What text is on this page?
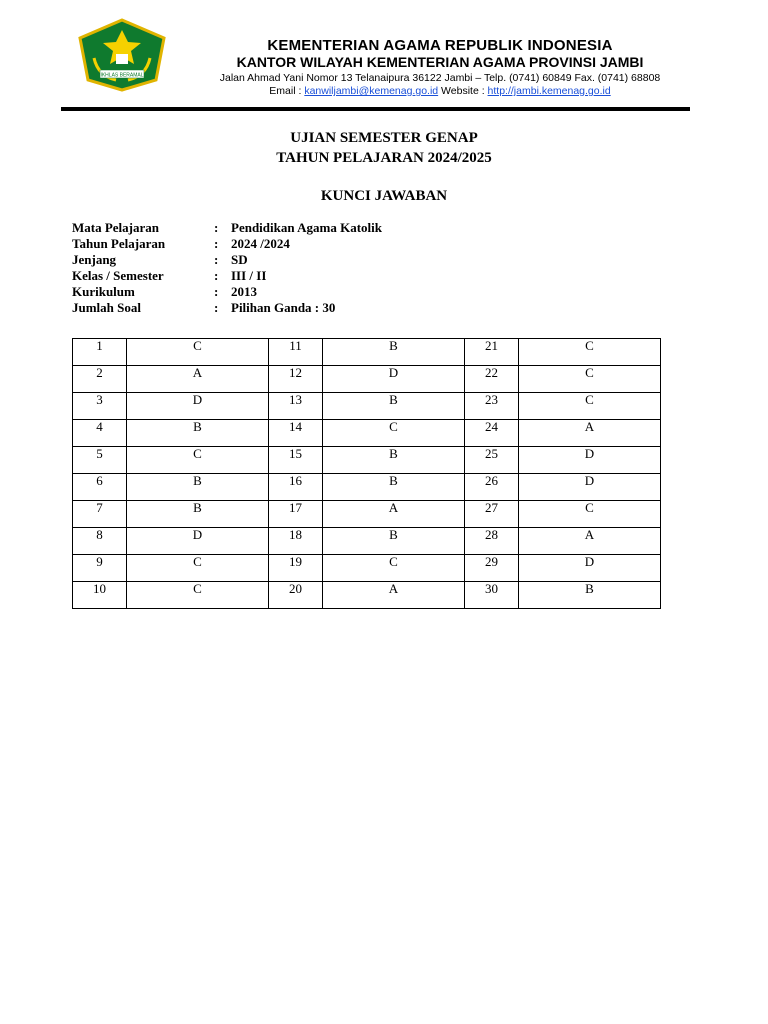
IKHLAS BERAMAL
KEMENTERIAN AGAMA REPUBLIK INDONESIA
KANTOR WILAYAH KEMENTERIAN AGAMA PROVINSI JAMBI
Jalan Ahmad Yani Nomor 13 Telanaipura 36122 Jambi – Telp. (0741) 60849 Fax. (0741) 68808
Email : kanwiljambi@kemenag.go.id Website : http://jambi.kemenag.go.id
UJIAN SEMESTER GENAP
TAHUN PELAJARAN 2024/2025
KUNCI JAWABAN
Mata Pelajaran	: Pendidikan Agama Katolik
Tahun Pelajaran	: 2024 /2024
Jenjang	: SD
Kelas / Semester	: III / II
Kurikulum	: 2013
Jumlah Soal	: Pilihan Ganda : 30
1	C	11	B	21	C
2	A	12	D	22	C
3	D	13	B	23	C
4	B	14	C	24	A
5	C	15	B	25	D
6	B	16	B	26	D
7	B	17	A	27	C
8	D	18	B	28	A
9	C	19	C	29	D
10	C	20	A	30	B
